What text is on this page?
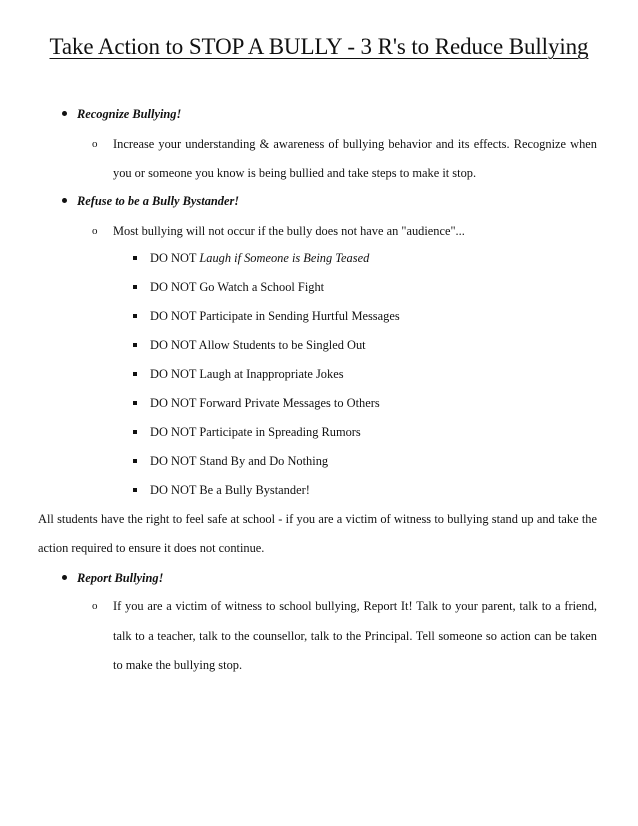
Take Action to STOP A BULLY - 3 R's to Reduce Bullying
Recognize Bullying!
o Increase your understanding & awareness of bullying behavior and its effects. Recognize when
you or someone you know is being bullied and take steps to make it stop.
Refuse to be a Bully Bystander!
o Most bullying will not occur if the bully does not have an "audience"...
DO NOT Laugh if Someone is Being Teased
DO NOT Go Watch a School Fight
DO NOT Participate in Sending Hurtful Messages
DO NOT Allow Students to be Singled Out
DO NOT Laugh at Inappropriate Jokes
DO NOT Forward Private Messages to Others
DO NOT Participate in Spreading Rumors
DO NOT Stand By and Do Nothing
DO NOT Be a Bully Bystander!
All students have the right to feel safe at school - if you are a victim of witness to bullying stand up and take the
action required to ensure it does not continue.
Report Bullying!
o If you are a victim of witness to school bullying, Report It! Talk to your parent, talk to a friend,
talk to a teacher, talk to the counsellor, talk to the Principal. Tell someone so action can be taken
to make the bullying stop.
